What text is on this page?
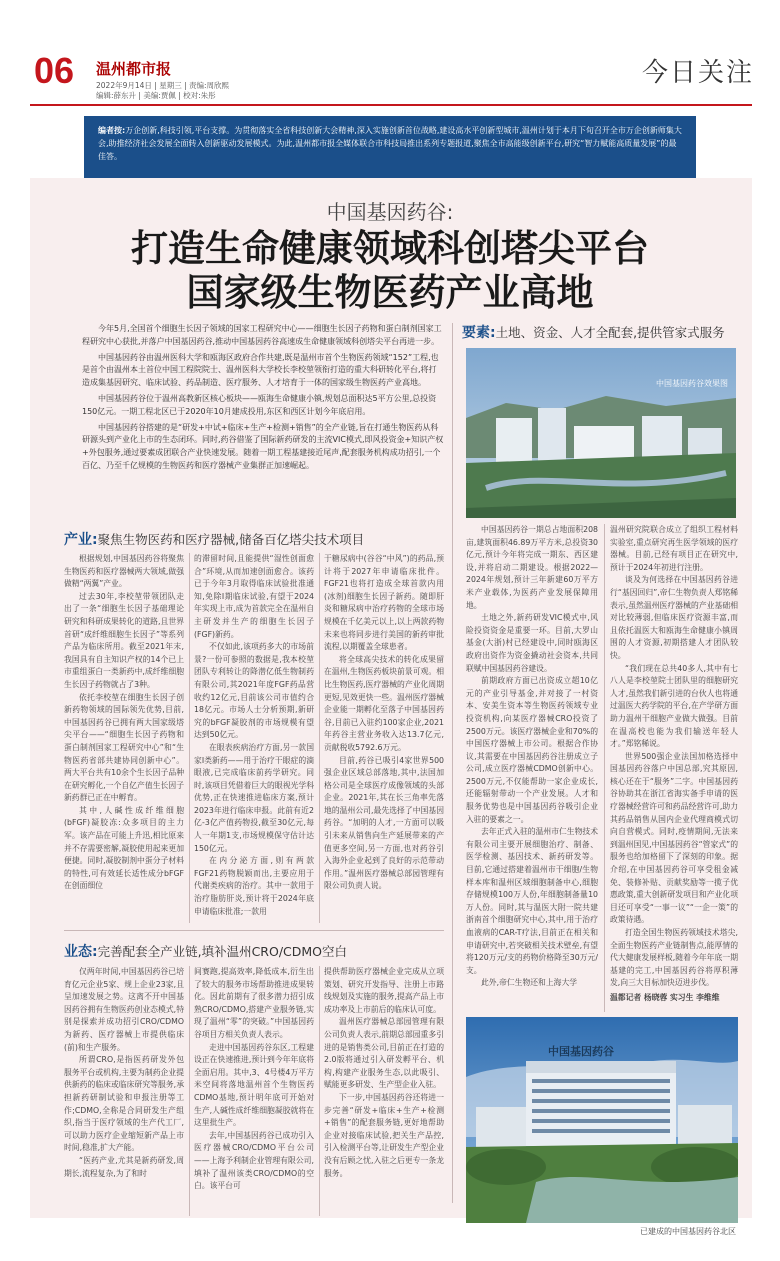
06 温州都市报
2022年9月14日 | 星期三 | 责编:周欣熙
编辑:薛东升 | 美编:贾佩 | 校对:朱彤
今日关注

编者按:万企创新,科技引领,平台支撑。为贯彻落实全省科技创新大会精神,深入实施创新首位战略,建设高水平创新型城市,温州计划于本月下旬召开全市万企创新师集大会,助推经济社会发展全面转入创新驱动发展模式。为此,温州都市报全媒体联合市科技局推出系列专题报道,聚焦全市高能级创新平台,研究“智力赋能高质量发展”的最佳答。

中国基因药谷:
打造生命健康领域科创塔尖平台
国家级生物医药产业高地

今年5月,全国首个细胞生长因子领域的国家工程研究中心——细胞生长因子药物和蛋白制剂国家工程研究中心获批,并落户中国基因药谷,推动中国基因药谷高速成生命健康领域科创塔尖平台再进一步。

中国基因药谷由温州医科大学和瓯海区政府合作共建,既是温州市首个生物医药领域“152”工程,也是首个由温州本土首位中国工程院院士、温州医科大学校长李校堃领衔打造的重大科研转化平台,将打造成集基因研究、临床试验、药品制造、医疗服务、人才培育于一体的国家级生物医药产业高地。

中国基因药谷位于温州高教新区核心板块——瓯海生命健康小镇,规划总面积达5平方公里,总投资150亿元。一期工程北区已于2020年10月建成投用,东区和西区计划今年底启用。

中国基因药谷搭建的是“研发+中试+临床+生产+检测+销售”的全产业链,旨在打通生物医药从科研源头到产业化上市的生态闭环。同时,药谷借鉴了国际新药研发的主流VIC模式,即风投资金+知识产权+外包服务,通过要素成团联合产业快速发展。随着一期工程基建接近尾声,配套服务机构成功招引,一个百亿、乃至千亿规模的生物医药和医疗器械产业集群正加速崛起。

产业:聚焦生物医药和医疗器械,储备百亿塔尖技术项目

根据规划,中国基因药谷将聚焦生物医药和医疗器械两大领域,做强做精“两翼”产业。

过去30年,李校堃带领团队走出了一条“细胞生长因子基础理论研究和科研成果转化的道路,且世界首研“成纤维细胞生长因子”等系列产品为临床所用。截至2021年末,我国具有自主知识产权的14个已上市重组蛋白一类新药中,成纤维细胞生长因子药物就占了3种。

依托李校堃在细胞生长因子创新药物领域的国际领先优势,目前,中国基因药谷已拥有两大国家级塔尖平台——“细胞生长因子药物和蛋白制剂国家工程研究中心”和“生物医药省部共建协同创新中心”。两大平台共有10余个生长因子品种在研究孵化,一个自亿产值生长因子新药群已正在中孵育。

其中,人碱性成纤维细胞(bFGF)凝胶冻:众多项目的主力军。该产品在可能上升迅,相比原来并不存需要密解,凝胶使用起来更加便捷。同时,凝胶制剂中蛋分子材料的特性,可有效延长适性成分bFGF在创面细位

的滞留时间,且能提供“湿性创面愈合”环境,从而加速创面愈合。该药已于今年3月取得临床试验批准通知,免除I期临床试验,有望于2024年实现上市,成为首款完全在温州自主研发并生产的细胞生长因子(FGF)新药。

不仅如此,该项药多大的市场前景?一份可参照的数据是,我本校堃团队专利转让的降潜亿低生物制药有限公司,其2021年度FGF药品营收约12亿元,目前该公司市值约合18亿元。市场人士分析预期,新研究的bFGF凝胶剂的市场规模有望达到50亿元。

在眼表疾病治疗方面,另一款国家I类新药——用于治疗干眼症的滴眼液,已完成临床前药学研究。同时,该项目凭借着巨大的眼视光学科优势,正在快速推进临床方案,预计2023年进行临床申报。此前有近2亿-3亿产值药物投,截至30亿元,每人一年期1支,市场规模保守估计达150亿元。

在内分泌方面,则有两款FGF21药物脱颖而出,主要应用于代谢类疾病的治疗。其中一款用于治疗脂肪肝炎,预计将于2024年底申请临床批准;一款用

于糖尿病中(谷谷“中风”)的药品,预计将于2027年申请临床批件。FGF21也将打造成全球首款内用(冰剂)细胞生长因子新药。随即肝炎和糖尿病中治疗药物的全球市场规模在千亿美元以上,以上两款药物未来也将同步进行美国的新药审批流程,以期覆盖全球患者。

将全球高尖技术的转化成果留在温州,生物医药板块前景可观。相比生物医药,医疗器械的产业化周期更短,见效更快一些。温州医疗器械企业能一期孵化至落子中国基因药谷,目前已入驻约100家企业,2021年药谷主营业务收入达13.7亿元,贡献税收5792.6万元。

目前,药谷已吸引4家世界500强企业区域总部落地,其中,法国加格公司是全球医疗成像领域的头部企业。2021年,其在长三角率先落地的温州公司,最先选择了中国基因药谷。“加明的人才,一方面可以吸引未来从销售向生产延展带来的产值更多空间,另一方面,也对药谷引入海外企业起到了良好的示范带动作用。”温州医疗器械总部园管理有限公司负责人说。

业态:完善配套全产业链,填补温州CRO/CDMO空白

仅两年时间,中国基因药谷已培育亿元企业5家、规上企业23家,且呈加速发展之势。这离不开中国基因药谷拥有生物医药创业态模式,特别是探索并成功招引CRO/CDMO为新药、医疗器械上市提供临床(前)和生产服务。

所谓CRO,是指医药研发外包服务平台或机构,主要为制药企业提供新药的临床或临床研究等服务,承担新药研制试验和申报注册等工作;CDMO,全称是合同研发生产组织,指当于医疗领域的生产代工厂,可以助力医疗企业缩短新产品上市时间,稳准,扩大产能。

“医药产业,尤其是新药研发,周期长,流程复杂,为了和时

间赛跑,提高效率,降低成本,衍生出了较大的服务市场帮助推进成果转化。因此前期有了很多潜力招引成熟CRO/CDMO,搭建产业服务链,实现了温州“零”的突破。”中国基因药谷项目方相关负责人表示。

走进中国基因药谷东区,工程建设正在快速推进,预计到今年年底将全面启用。其中,3、4号楼4万平方米空间将落地温州首个生物医药CDMO基地,预计明年底可开始对生产,人碱性成纤维细胞凝胶就将在这里批生产。

去年,中国基因药谷已成功引入医疗器械CRO/CDMO平台公司——上海予利制企业管理有限公司,填补了温州该类CRO/CDMO的空白。该平台可

提供帮助医疗器械企业完成从立项策划、研究开发指导、注册上市路线规划及实施的服务,提高产品上市成功率及上市前后的临床认可度。

温州医疗器械总部园管理有限公司负责人表示,前期总部园重多引进的是销售类公司,目前正在打造的2.0版将通过引入研发孵平台、机构,构建产业服务生态,以此吸引、赋能更多研发、生产型企业入驻。

下一步,中国基因药谷还将进一步完善“研发+临床+生产+检测+销售”的配套服务链,更好地帮助企业对接临床试验,把关生产品控,引入检测平台等,让研发生产型企业没有后顾之忧,入驻之后更专一条龙服务。

要素:土地、资金、人才全配套,提供管家式服务
中国基因药谷效果图

中国基因药谷一期总占地面积208亩,建筑面积46.89万平方米,总投资30亿元,预计今年将完成一期东、西区建设,并将启动二期建设。根据2022—2024年规划,预计三年新建60万平方米产业载体,为医药产业发展保障用地。

土地之外,新药研发VIC模式中,风险投资资金是重要一环。目前,大罗山基金(大浙)村已经建设中,同时瓯海区政府出资作为资金撬动社会资本,共同联赋中国基因药谷建设。

前期政府方面已出资成立超10亿元的产业引导基金,并对接了一村资本、安美生资本等生物医药领域专业投资机构,向某医疗器械CRO投资了2500万元。该医疗器械企业和70%的中国医疗器械上市公司。根据合作协议,其需要在中国基因药谷注册成立子公司,成立医疗器械CDMO创新中心。2500万元,不仅能帮助一家企业成长,还能辐射带动一个产业发展。人才和服务优势也是中国基因药谷吸引企业入驻的要素之一。

去年正式入驻的温州市仁生物技术有限公司主要开展细胞治疗、制备、医学检测、基因技术、新药研发等。目前,它通过搭建着温州市干细胞/生物样本库和温州区域细胞制备中心,细胞存储规模100万人份,年细胞制备量10万人份。同时,其与温医大附一院共建浙南首个细胞研究中心,其中,用于治疗血液病的CAR-T疗法,目前正在相关和申请研究中,若突破相关技术壁垒,有望将120万元/支的药物价格降至30万元/支。

此外,帝仁生物还和上海大学

温州研究院联合成立了组织工程材料实验室,重点研究再生医学领域的医疗器械。目前,已经有项目正在研究中,预计于2024年初进行注册。

谈及为何选择在中国基因药谷进行“基因回归”,帝仁生物负责人郑铭稀表示,虽然温州医疗器械的产业基础相对比较薄弱,但临床医疗资源丰富,而且依托温医大和瓯海生命健康小镇周围的人才资源,初期搭建人才团队较快。

“我们现在总共40多人,其中有七八人是李校堃院士团队里的细胞研究人才,虽然我们新引进的台伙人也将通过温医大药学院的平台,在产学研方面助力温州干细胞产业做大做强。目前在温高校也能为我们输送年轻人才。”郑铭稀说。

世界500强企业法国加格选择中国基因药谷落户中国总部,究其原因,核心还在于“服务”二字。中国基因药谷协助其在浙江省海实备手申请的医疗器械经营许可和药品经营许可,助力其药品销售从国内企业代理商模式切向自营模式。同时,疫情期间,无法来到温州国见,中国基因药谷“管家式”的服务也给加格留下了深刻的印象。据介绍,在中国基因药谷可享受租金减免、装修补贴、贡献奖励等一揽子优惠政策,重大创新研发项目和产业化项目还可享受“一事一议”“一企一策”的政策待遇。

打造全国生物医药领域技术塔尖,全面生物医药产业链制售点,能厚情的代大健康发展样板,随着今年年底一期基建的完工,中国基因药谷将厚积薄发,向三大目标加快迈进步伐。

温都记者 杨晓蓉 实习生 李维维

中国基因药谷
已建成的中国基因药谷北区
